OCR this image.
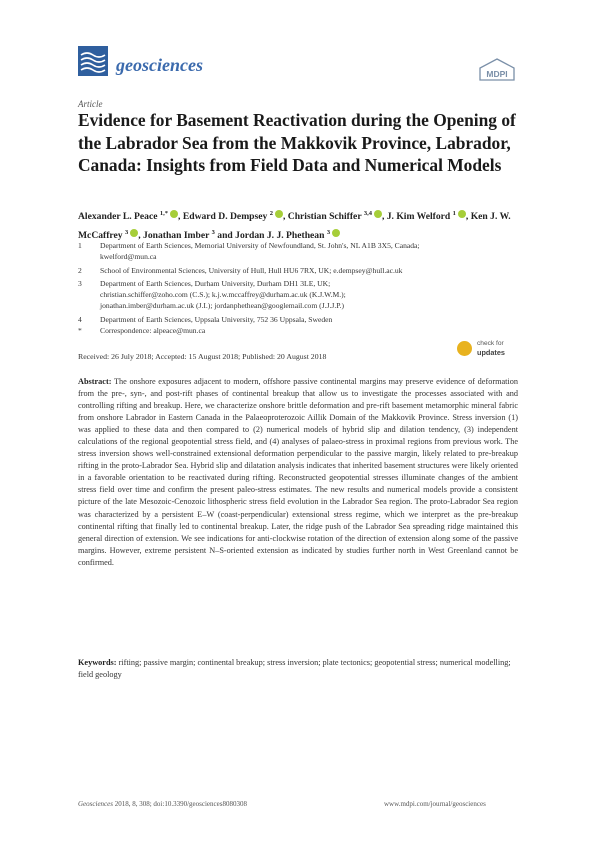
geosciences	MDPI
Article
Evidence for Basement Reactivation during the Opening of the Labrador Sea from the Makkovik Province, Labrador, Canada: Insights from Field Data and Numerical Models
Alexander L. Peace $^{1,*}$ , Edward D. Dempsey $^2$ , Christian Schiffer $^{3,4}$ , J. Kim Welford $^1$ , Ken J. W. McCaffrey $^3$ , Jonathan Imber $^3$ and Jordan J. J. Phethean $^3$
1 Department of Earth Sciences, Memorial University of Newfoundland, St. John's, NL A1B 3X5, Canada;
kwelford@mun.ca
2 School of Environmental Sciences, University of Hull, Hull HU6 7RX, UK; e.dempsey@hull.ac.uk
3 Department of Earth Sciences, Durham University, Durham DH1 3LE, UK;
christian.schiffer@zoho.com (C.S.); k.j.w.mccaffrey@durham.ac.uk (K.J.W.M.);
jonathan.imber@durham.ac.uk (J.I.); jordanphethean@googlemail.com (J.J.J.P.)
4 Department of Earth Sciences, Uppsala University, 752 36 Uppsala, Sweden
* Correspondence: alpeace@mun.ca
Received: 26 July 2018; Accepted: 15 August 2018; Published: 20 August 2018
check for
updates
Abstract: The onshore exposures adjacent to modern, offshore passive continental margins may preserve evidence of deformation from the pre-, syn-, and post-rift phases of continental breakup that allow us to investigate the processes associated with and controlling rifting and breakup. Here, we characterize onshore brittle deformation and pre-rift basement metamorphic mineral fabric from onshore Labrador in Eastern Canada in the Palaeoproterozoic Aillik Domain of the Makkovik Province. Stress inversion (1) was applied to these data and then compared to (2) numerical models of hybrid slip and dilation tendency, (3) independent calculations of the regional geopotential stress field, and (4) analyses of palaeo-stress in proximal regions from previous work. The stress inversion shows well-constrained extensional deformation perpendicular to the passive margin, likely related to pre-breakup rifting in the proto-Labrador Sea. Hybrid slip and dilatation analysis indicates that inherited basement structures were likely oriented in a favorable orientation to be reactivated during rifting. Reconstructed geopotential stresses illuminate changes of the ambient stress field over time and confirm the present paleo-stress estimates. The new results and numerical models provide a consistent picture of the late Mesozoic-Cenozoic lithospheric stress field evolution in the Labrador Sea region. The proto-Labrador Sea region was characterized by a persistent E–W (coast-perpendicular) extensional stress regime, which we interpret as the pre-breakup continental rifting that finally led to continental breakup. Later, the ridge push of the Labrador Sea spreading ridge maintained this general direction of extension. We see indications for anti-clockwise rotation of the direction of extension along some of the passive margins. However, extreme persistent N–S-oriented extension as indicated by studies further north in West Greenland cannot be confirmed.
Keywords: rifting; passive margin; continental breakup; stress inversion; plate tectonics; geopotential stress; numerical modelling; field geology
Geosciences 2018, 8, 308; doi:10.3390/geosciences8080308	www.mdpi.com/journal/geosciences
